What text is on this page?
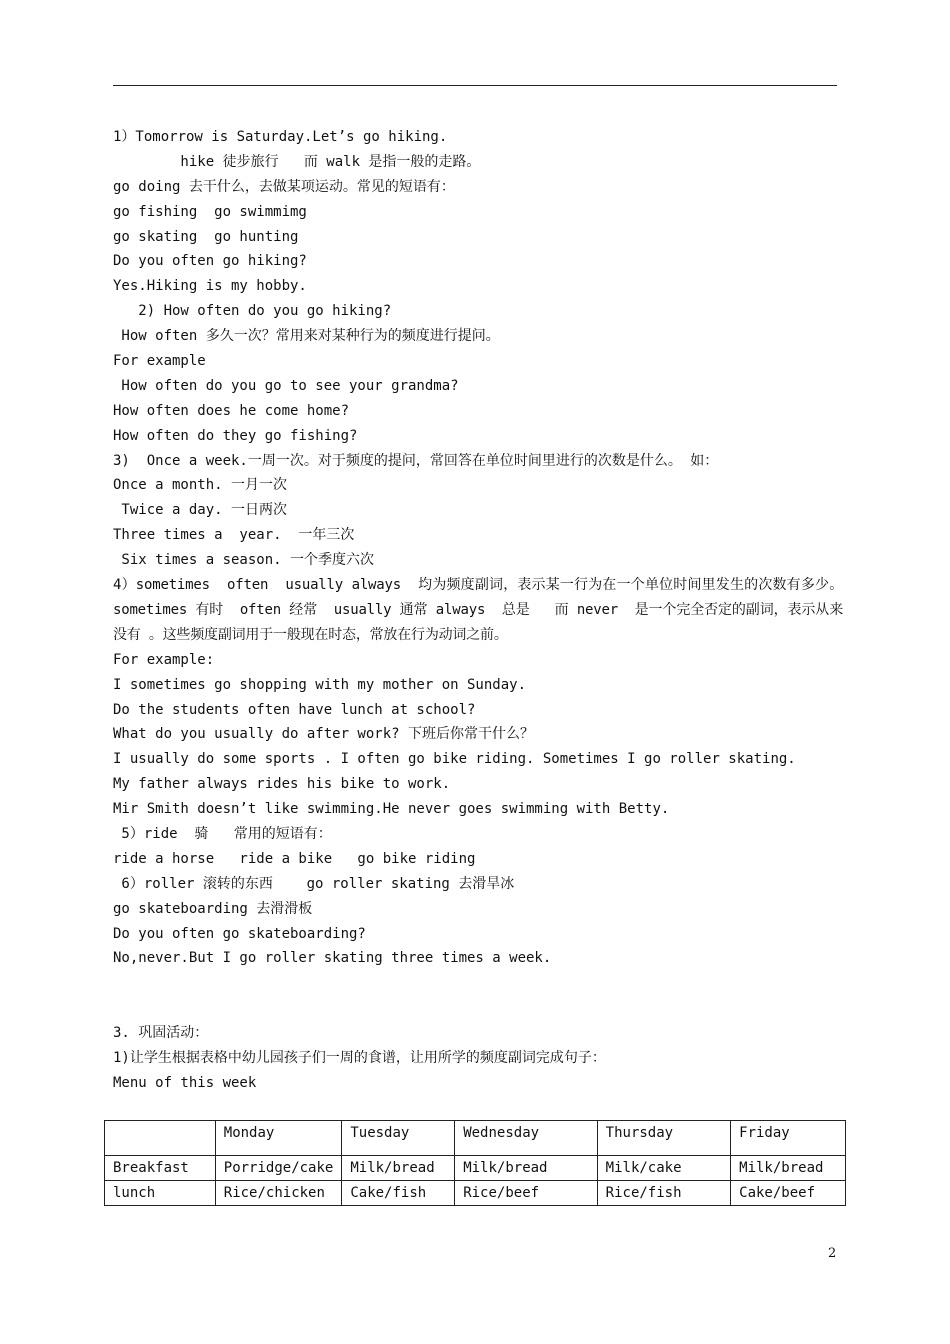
1）Tomorrow is Saturday.Let’s go hiking.
hike 徒步旅行   而 walk 是指一般的走路。
go doing 去干什么，去做某项运动。常见的短语有：
go fishing  go swimmimg
go skating  go hunting
Do you often go hiking?
Yes.Hiking is my hobby.
2) How often do you go hiking?
How often 多久一次？常用来对某种行为的频度进行提问。
For example
How often do you go to see your grandma?
How often does he come home?
How often do they go fishing?
3)  Once a week.一周一次。对于频度的提问，常回答在单位时间里进行的次数是什么。 如：
Once a month. 一月一次
Twice a day. 一日两次
Three times a  year.  一年三次
Six times a season. 一个季度六次
4）sometimes  often  usually always  均为频度副词，表示某一行为在一个单位时间里发生的次数有多少。sometimes 有时  often 经常  usually 通常 always  总是   而 never  是一个完全否定的副词，表示从来没有 。这些频度副词用于一般现在时态，常放在行为动词之前。
For example:
I sometimes go shopping with my mother on Sunday.
Do the students often have lunch at school?
What do you usually do after work? 下班后你常干什么？
I usually do some sports . I often go bike riding. Sometimes I go roller skating.
My father always rides his bike to work.
Mir Smith doesn’t like swimming.He never goes swimming with Betty.
5）ride  骑   常用的短语有：
ride a horse   ride a bike   go bike riding
6）roller 滚转的东西    go roller skating 去滑旱冰
go skateboarding 去滑滑板
Do you often go skateboarding?
No,never.But I go roller skating three times a week.
3. 巩固活动：
1)让学生根据表格中幼儿园孩子们一周的食谱，让用所学的频度副词完成句子：
Menu of this week
	Monday	Tuesday	Wednesday	Thursday	Friday
Breakfast	Porridge/cake	Milk/bread	Milk/bread	Milk/cake	Milk/bread
lunch	Rice/chicken	Cake/fish	Rice/beef	Rice/fish	Cake/beef
2
